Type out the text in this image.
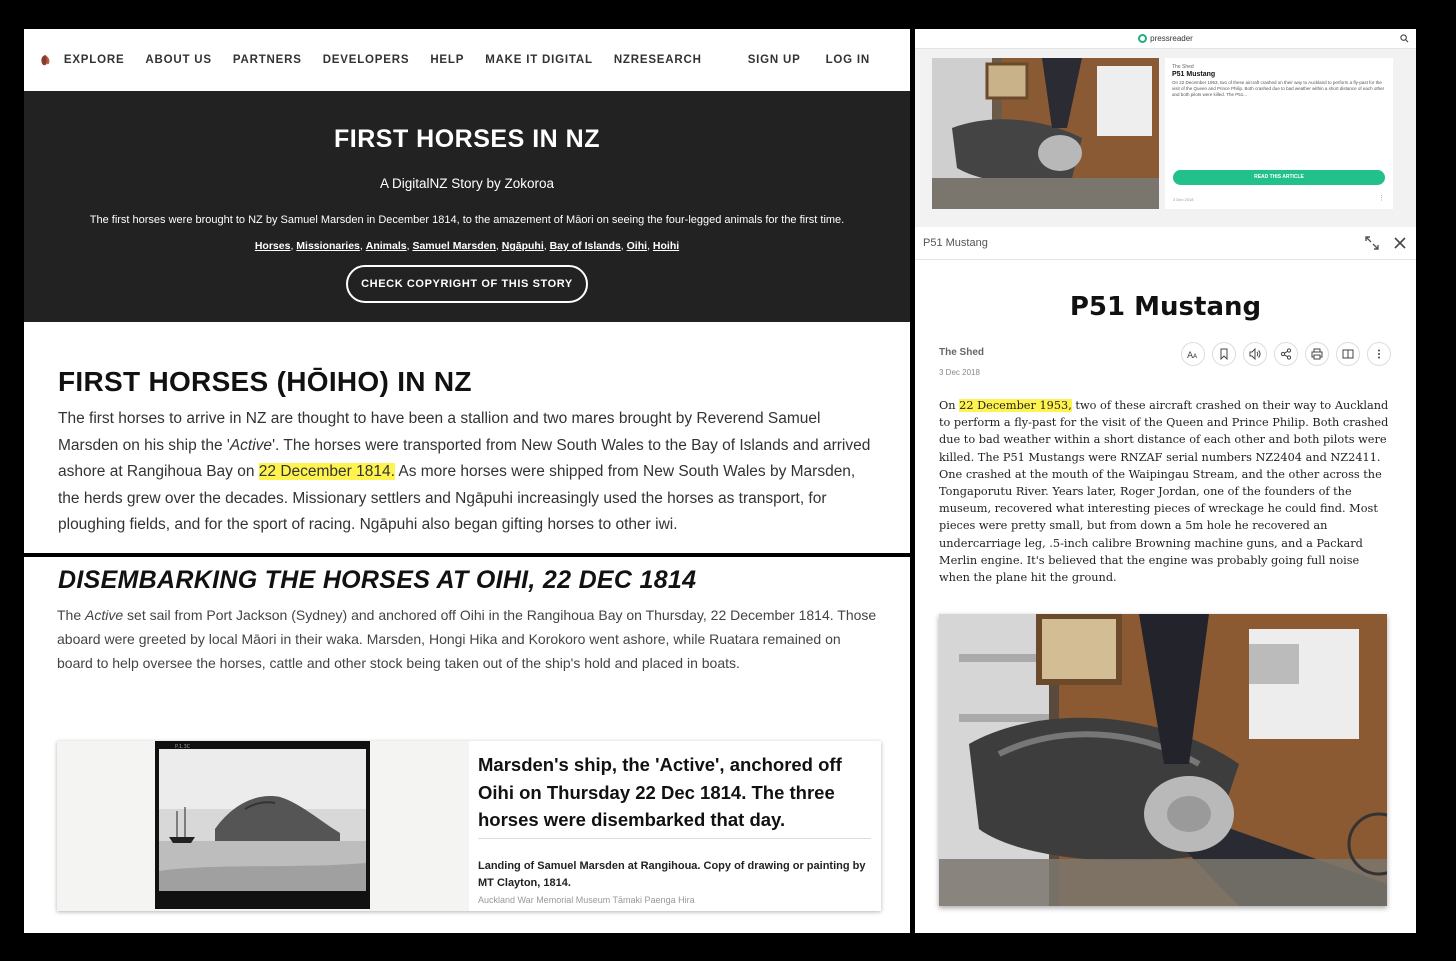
EXPLORE ABOUT US PARTNERS DEVELOPERS HELP MAKE IT DIGITAL NZRESEARCH	SIGN UP LOG IN
FIRST HORSES IN NZ
A DigitalNZ Story by Zokoroa
The first horses were brought to NZ by Samuel Marsden in December 1814, to the amazement of Māori on seeing the four-legged animals for the first time.
Horses, Missionaries, Animals, Samuel Marsden, Ngāpuhi, Bay of Islands, Oihi, Hoihi
CHECK COPYRIGHT OF THIS STORY
FIRST HORSES (HŌIHO) IN NZ

The first horses to arrive in NZ are thought to have been a stallion and two mares brought by Reverend Samuel Marsden on his ship the 'Active'. The horses were transported from New South Wales to the Bay of Islands and arrived ashore at Rangihoua Bay on 22 December 1814. As more horses were shipped from New South Wales by Marsden, the herds grew over the decades. Missionary settlers and Ngāpuhi increasingly used the horses as transport, for ploughing fields, and for the sport of racing. Ngāpuhi also began gifting horses to other iwi.

DISEMBARKING THE HORSES AT OIHI, 22 DEC 1814

The Active set sail from Port Jackson (Sydney) and anchored off Oihi in the Rangihoua Bay on Thursday, 22 December 1814. Those aboard were greeted by local Māori in their waka. Marsden, Hongi Hika and Korokoro went ashore, while Ruatara remained on board to help oversee the horses, cattle and other stock being taken out of the ship's hold and placed in boats.

P.1.3C
Marsden's ship, the 'Active', anchored off Oihi on Thursday 22 Dec 1814. The three horses were disembarked that day.
Landing of Samuel Marsden at Rangihoua. Copy of drawing or painting by MT Clayton, 1814.
Auckland War Memorial Museum Tāmaki Paenga Hira
pressreader
The Shed
P51 Mustang
On 22 December 1953, two of these aircraft crashed on their way to Auckland to perform a fly-past for the visit of the Queen and Prince Philip. Both crashed due to bad weather within a short distance of each other and both pilots were killed. The P51...
READ THIS ARTICLE
3 Dec 2018	⋮
P51 Mustang
P51 Mustang
The Shed
3 Dec 2018
A A
On 22 December 1953, two of these aircraft crashed on their way to Auckland to perform a fly-past for the visit of the Queen and Prince Philip. Both crashed due to bad weather within a short distance of each other and both pilots were killed. The P51 Mustangs were RNZAF serial numbers NZ2404 and NZ2411. One crashed at the mouth of the Waipingau Stream, and the other across the Tongaporutu River. Years later, Roger Jordan, one of the founders of the museum, recovered what interesting pieces of wreckage he could find. Most pieces were pretty small, but from down a 5m hole he recovered an undercarriage leg, .5-inch calibre Browning machine guns, and a Packard Merlin engine. It's believed that the engine was probably going full noise when the plane hit the ground.
